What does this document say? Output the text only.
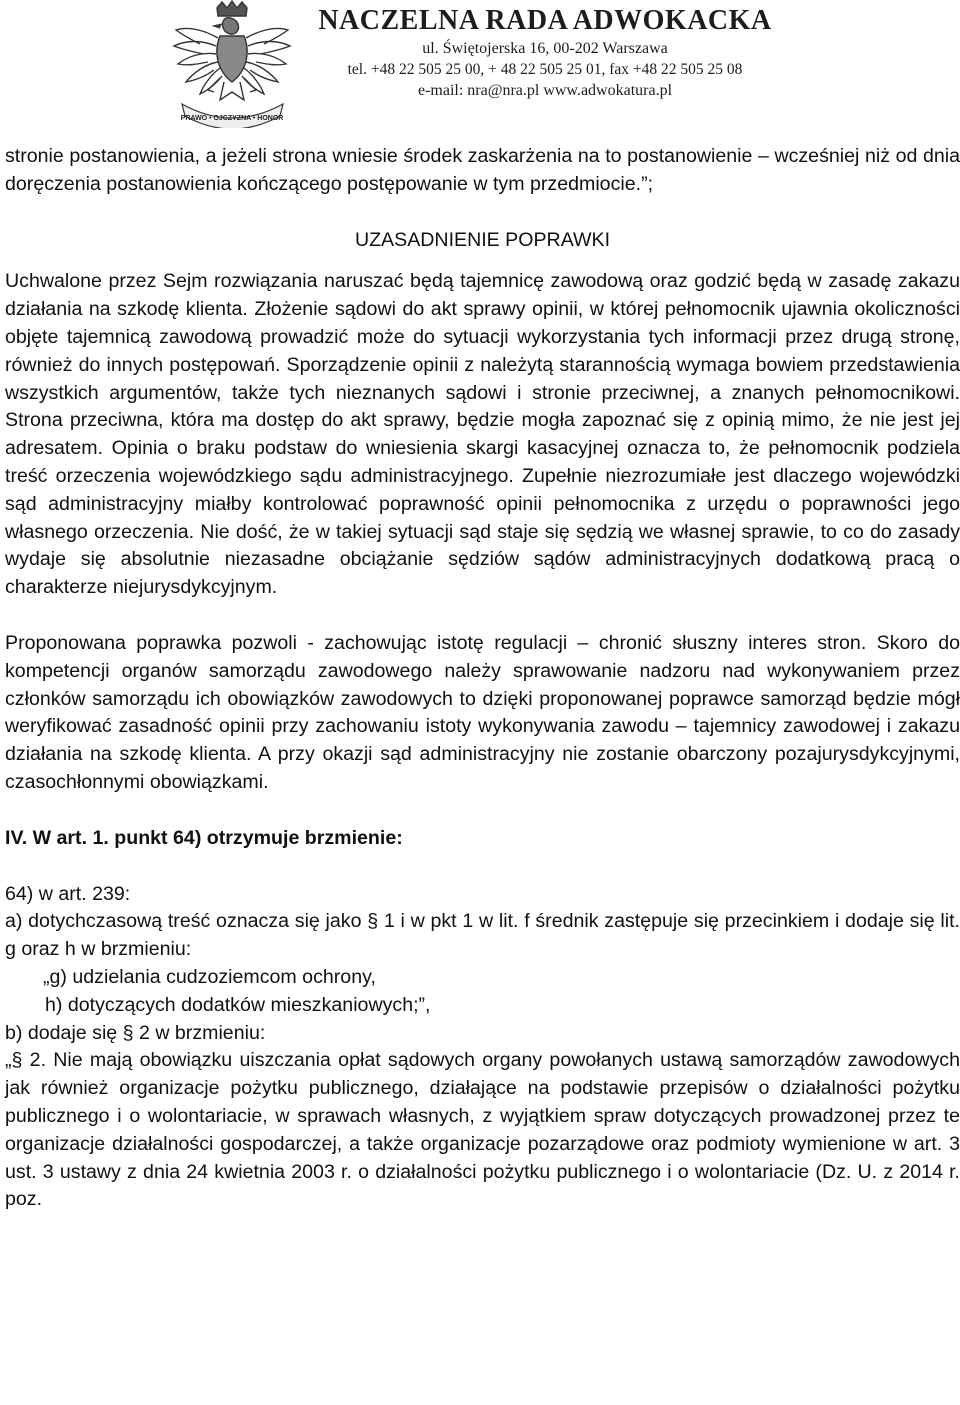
PRAWO • OJCZYZNA • HONOR
NACZELNA RADA ADWOKACKA
ul. Świętojerska 16, 00-202 Warszawa
tel. +48 22 505 25 00, + 48 22 505 25 01, fax +48 22 505 25 08
e-mail: nra@nra.pl www.adwokatura.pl

stronie postanowienia, a jeżeli strona wniesie środek zaskarżenia na to postanowienie – wcześniej niż od dnia doręczenia postanowienia kończącego postępowanie w tym przedmiocie.”;

UZASADNIENIE POPRAWKI

Uchwalone przez Sejm rozwiązania naruszać będą tajemnicę zawodową oraz godzić będą w zasadę zakazu działania na szkodę klienta. Złożenie sądowi do akt sprawy opinii, w której pełnomocnik ujawnia okoliczności objęte tajemnicą zawodową prowadzić może do sytuacji wykorzystania tych informacji przez drugą stronę, również do innych postępowań. Sporządzenie opinii z należytą starannością wymaga bowiem przedstawienia wszystkich argumentów, także tych nieznanych sądowi i stronie przeciwnej, a znanych pełnomocnikowi. Strona przeciwna, która ma dostęp do akt sprawy, będzie mogła zapoznać się z opinią mimo, że nie jest jej adresatem. Opinia o braku podstaw do wniesienia skargi kasacyjnej oznacza to, że pełnomocnik podziela treść orzeczenia wojewódzkiego sądu administracyjnego. Zupełnie niezrozumiałe jest dlaczego wojewódzki sąd administracyjny miałby kontrolować poprawność opinii pełnomocnika z urzędu o poprawności jego własnego orzeczenia. Nie dość, że w takiej sytuacji sąd staje się sędzią we własnej sprawie, to co do zasady wydaje się absolutnie niezasadne obciążanie sędziów sądów administracyjnych dodatkową pracą o charakterze niejurysdykcyjnym.

Proponowana poprawka pozwoli - zachowując istotę regulacji – chronić słuszny interes stron. Skoro do kompetencji organów samorządu zawodowego należy sprawowanie nadzoru nad wykonywaniem przez członków samorządu ich obowiązków zawodowych to dzięki proponowanej poprawce samorząd będzie mógł weryfikować zasadność opinii przy zachowaniu istoty wykonywania zawodu – tajemnicy zawodowej i zakazu działania na szkodę klienta. A przy okazji sąd administracyjny nie zostanie obarczony pozajurysdykcyjnymi, czasochłonnymi obowiązkami.

IV. W art. 1. punkt 64) otrzymuje brzmienie:

64) w art. 239:

a) dotychczasową treść oznacza się jako § 1 i w pkt 1 w lit. f średnik zastępuje się przecinkiem i dodaje się lit. g oraz h w brzmieniu:

„g) udzielania cudzoziemcom ochrony,

h) dotyczących dodatków mieszkaniowych;”,

b) dodaje się § 2 w brzmieniu:

„§ 2. Nie mają obowiązku uiszczania opłat sądowych organy powołanych ustawą samorządów zawodowych jak również organizacje pożytku publicznego, działające na podstawie przepisów o działalności pożytku publicznego i o wolontariacie, w sprawach własnych, z wyjątkiem spraw dotyczących prowadzonej przez te organizacje działalności gospodarczej, a także organizacje pozarządowe oraz podmioty wymienione w art. 3 ust. 3 ustawy z dnia 24 kwietnia 2003 r. o działalności pożytku publicznego i o wolontariacie (Dz. U. z 2014 r. poz.
